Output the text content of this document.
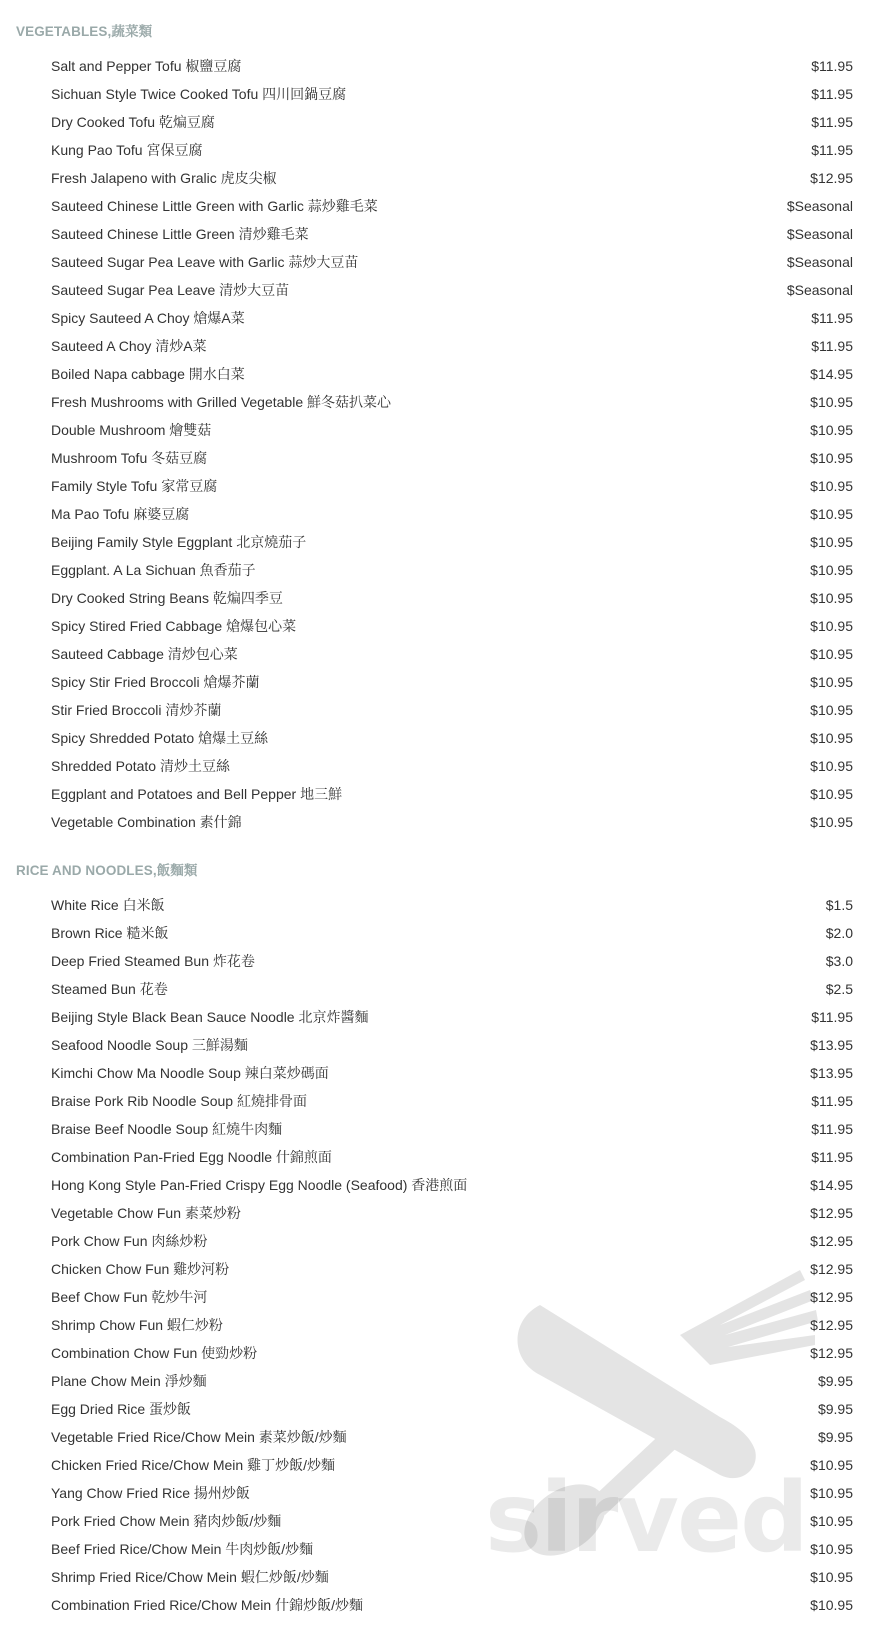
VEGETABLES,蔬菜類
Salt and Pepper Tofu 椒鹽豆腐	$11.95
Sichuan Style Twice Cooked Tofu 四川回鍋豆腐	$11.95
Dry Cooked Tofu 乾煸豆腐	$11.95
Kung Pao Tofu 宮保豆腐	$11.95
Fresh Jalapeno with Gralic 虎皮尖椒	$12.95
Sauteed Chinese Little Green with Garlic 蒜炒雞毛菜	$Seasonal
Sauteed Chinese Little Green 清炒雞毛菜	$Seasonal
Sauteed Sugar Pea Leave with Garlic 蒜炒大豆苗	$Seasonal
Sauteed Sugar Pea Leave 清炒大豆苗	$Seasonal
Spicy Sauteed A Choy 熗爆A菜	$11.95
Sauteed A Choy 清炒A菜	$11.95
Boiled Napa cabbage 開水白菜	$14.95
Fresh Mushrooms with Grilled Vegetable 鮮冬菇扒菜心	$10.95
Double Mushroom 燴雙菇	$10.95
Mushroom Tofu 冬菇豆腐	$10.95
Family Style Tofu 家常豆腐	$10.95
Ma Pao Tofu 麻婆豆腐	$10.95
Beijing Family Style Eggplant 北京燒茄子	$10.95
Eggplant. A La Sichuan 魚香茄子	$10.95
Dry Cooked String Beans 乾煸四季豆	$10.95
Spicy Stired Fried Cabbage 熗爆包心菜	$10.95
Sauteed Cabbage 清炒包心菜	$10.95
Spicy Stir Fried Broccoli 熗爆芥蘭	$10.95
Stir Fried Broccoli 清炒芥蘭	$10.95
Spicy Shredded Potato 熗爆土豆絲	$10.95
Shredded Potato 清炒土豆絲	$10.95
Eggplant and Potatoes and Bell Pepper 地三鮮	$10.95
Vegetable Combination 素什錦	$10.95
RICE AND NOODLES,飯麵類
White Rice 白米飯	$1.5
Brown Rice 糙米飯	$2.0
Deep Fried Steamed Bun 炸花卷	$3.0
Steamed Bun 花卷	$2.5
Beijing Style Black Bean Sauce Noodle 北京炸醬麵	$11.95
Seafood Noodle Soup 三鮮湯麵	$13.95
Kimchi Chow Ma Noodle Soup 辣白菜炒碼面	$13.95
Braise Pork Rib Noodle Soup 紅燒排骨面	$11.95
Braise Beef Noodle Soup 紅燒牛肉麵	$11.95
Combination Pan-Fried Egg Noodle 什錦煎面	$11.95
Hong Kong Style Pan-Fried Crispy Egg Noodle (Seafood) 香港煎面	$14.95
Vegetable Chow Fun 素菜炒粉	$12.95
Pork Chow Fun 肉絲炒粉	$12.95
Chicken Chow Fun 雞炒河粉	$12.95
Beef Chow Fun 乾炒牛河	$12.95
Shrimp Chow Fun 蝦仁炒粉	$12.95
Combination Chow Fun 使勁炒粉	$12.95
Plane Chow Mein 淨炒麵	$9.95
Egg Dried Rice 蛋炒飯	$9.95
Vegetable Fried Rice/Chow Mein 素菜炒飯/炒麵	$9.95
Chicken Fried Rice/Chow Mein 雞丁炒飯/炒麵	$10.95
Yang Chow Fried Rice 揚州炒飯	$10.95
Pork Fried Chow Mein 豬肉炒飯/炒麵	$10.95
Beef Fried Rice/Chow Mein 牛肉炒飯/炒麵	$10.95
Shrimp Fried Rice/Chow Mein 蝦仁炒飯/炒麵	$10.95
Combination Fried Rice/Chow Mein 什錦炒飯/炒麵	$10.95
sirved
